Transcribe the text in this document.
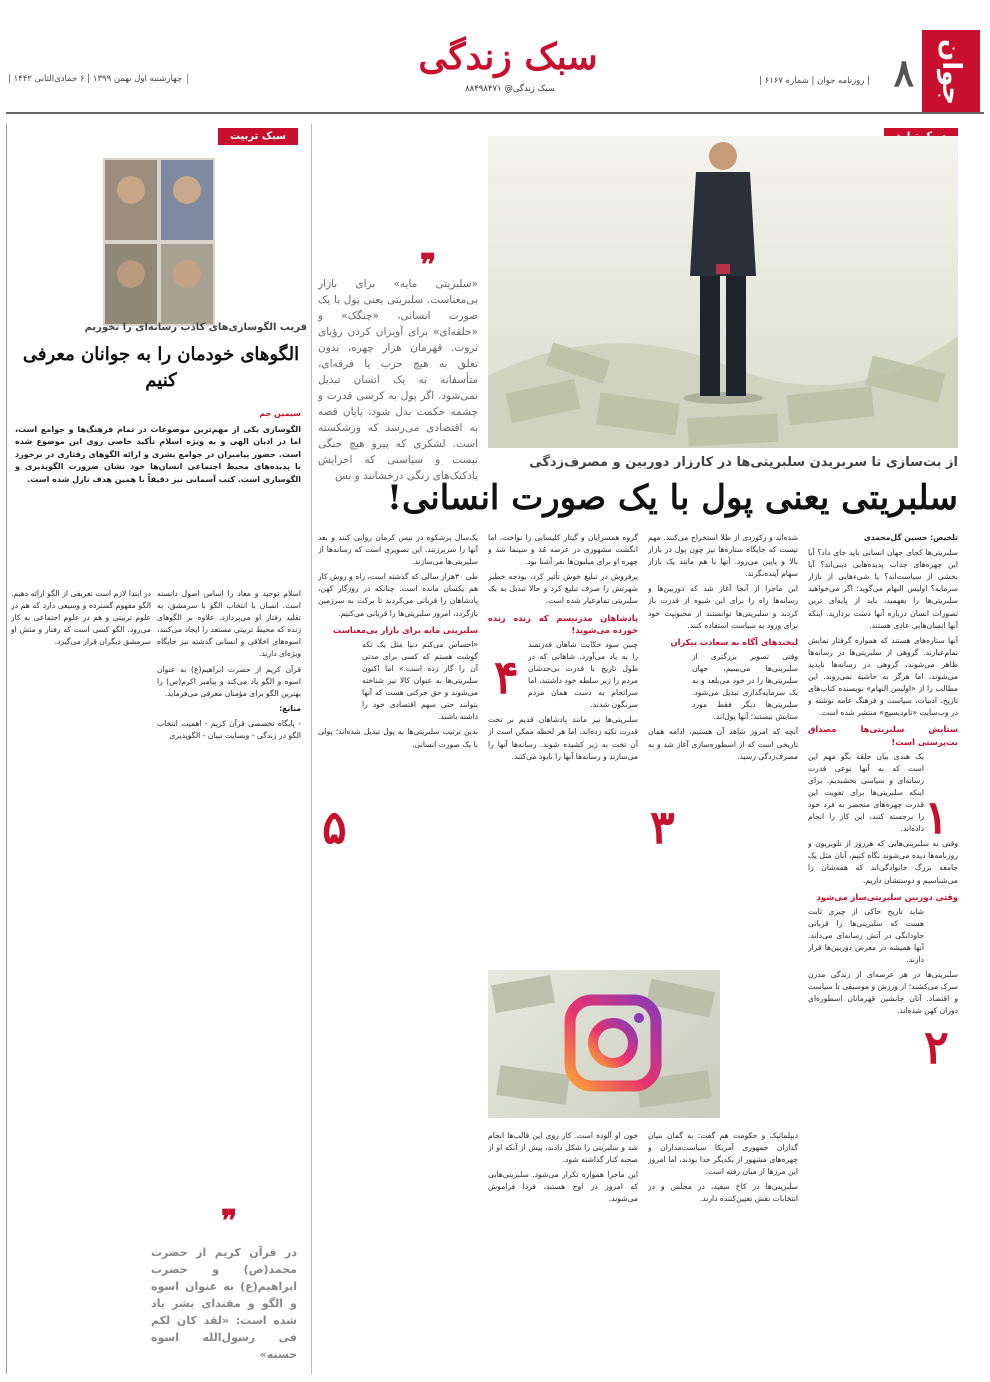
جوان
۸
| روزنامه جوان | شماره ۶۱۶۷ |
سبک زندگی
سبک زندگی@ ۸۸۴۹۸۴۷۱
چهارشنبه اول بهمن ۱۳۹۹ | ۶ جمادی‌الثانی ۱۴۴۲ |
❞
«سلبریتی مایه» برای بازار بی‌معناست. سلبریتی یعنی پول با یک صورت انسانی، «چنگک» و «حلقه‌ای» برای آویزان کردن رؤیای ثروت. قهرمان هزار چهره، بدون تعلق به هیچ حزب یا فرقه‌ای، متأسفانه به یک انسان تبدیل نمی‌شود. اگر پول به کرسی قدرت و چشمه حکمت بدل شود، پایان قصه به اقتصادی می‌رسد که ورشکسته است. لشکری که پیرو هیچ جنگی نیست و سیاستی که اجزایش بادکنک‌های رنگی درخشانند و بس
از بت‌سازی تا سربریدن سلبریتی‌ها در کارزار دوربین و مصرف‌زدگی
سلبریتی یعنی پول با یک صورت انسانی!

تلخیص: حسین گل‌محمدی

سلبریتی‌ها کجای جهان انسانی باید جای داد؟ آیا این چهره‌های جذاب پدیده‌هایی دینی‌اند؟ آیا بخشی از سیاست‌اند؟ یا شیء‌هایی از بازار سرمایه؟ اولیس النهام می‌گوید: اگر می‌خواهید سلبریتی‌ها را بفهمید، باید از پایه‌ای ترین تصورات انسان درباره آنها دست بردارید. اینکه آنها انسان‌هایی عادی هستند.

آنها ستاره‌های هستند که همواره گرفتار نمایش تمام‌عیارند. گروهی از سلبریتی‌ها در رسانه‌ها ظاهر می‌شوند، گروهی در رسانه‌ها ناپدید می‌شوند، اما هرگز به حاشیه نمی‌روند. این مطالب را از «اولیس النهام» نویسنده کتاب‌های تاریخ، ادبیات، سیاست و فرهنگ عامه نوشته و در وب‌سایت «تام‌دیسپچ» منتشر شده است.

ستایش سلبریتی‌ها مصداق بت‌پرستی است!

یک هندی بیان حلقه بگو مهم این است که به آنها نوعی قدرت رسانه‌ای و سیاسی بخشیدیم. برای اینکه سلبریتی‌ها برای تقویت این قدرت چهره‌های منحصر به فرد خود را برجسته کنند، این کار را انجام داده‌اند.

وقتی به سلبریتی‌هایی که هرروز از تلویزیون و روزنامه‌ها دیده می‌شوند نگاه کنیم، آنان مثل یک جامعه بزرگ خانوادگی‌اند که همه‌شان را می‌شناسیم و دوستشان داریم.

وقتی دوربین سلبریتی‌ساز می‌شود

شاید تاریخ حاکی از چیزی ثابت هست که سلبریتی‌ها را قربانی جاودانگی در آتش رسانه‌ای می‌داند. آنها همیشه در معرض دوربین‌ها قرار دارند.

سلبریتی‌ها در هر عرصه‌ای از زندگی مدرن سرک می‌کشند؛ از ورزش و موسیقی تا سیاست و اقتصاد. آنان جانشین قهرمانان اسطوره‌ای دوران کهن شده‌اند.

۱
۲

شده‌اند و رکوردی از طلا استخراج می‌کنند. مهم نیست که جایگاه ستاره‌ها نیز چون پول در بازار بالا و پایین می‌رود. آنها با هم مانند یک بازار سهام آینده‌نگرند.

این ماجرا از آنجا آغاز شد که دوربین‌ها و رسانه‌ها راه را برای این شیوه از قدرت باز کردند و سلبریتی‌ها توانستند از محبوبیت خود برای ورود به سیاست استفاده کنند.

لبخندهای آگاه به سعادت بیکران

وقتی تصویر بزرگتری از سلبریتی‌ها می‌بینیم، جهان سلبریتی‌ها را در خود می‌بلعد و به یک سرمایه‌گذاری تبدیل می‌شود. سلبریتی‌ها دیگر فقط مورد ستایش نیستند؛ آنها پول‌اند.

آنچه که امروز شاهد آن هستیم، ادامه همان تاریخی است که از اسطوره‌سازی آغاز شد و به مصرف‌زدگی رسید.

۳

گروه همسرایان و گیتار کلیسایی را نواخت، اما انگشت مشهوری در عرصه مُد و سینما شد و چهره او برای میلیون‌ها نفر آشنا بود.

پرفروش در تبلیغ خوش تأثیر کرد، بودجه خطیر شهرتش را صرف تبلیغ کرد و حالا تبدیل به یک سلبریتی تمام‌عیار شده است.

پادشاهان مدرنیسم که زنده زنده خورده می‌شوند!

چنین سود حکایت شاهان قدرتمند را به یاد می‌آورد. شاهانی که در طول تاریخ با قدرت بی‌حدشان مردم را زیر سلطه خود داشتند، اما سرانجام به دست همان مردم سرنگون شدند.

سلبریتی‌ها نیز مانند پادشاهان قدیم بر تخت قدرت تکیه زده‌اند، اما هر لحظه ممکن است از آن تخت به زیر کشیده شوند. رسانه‌ها آنها را می‌سازند و رسانه‌ها آنها را نابود می‌کنند.

۴

یک‌سال پر‌شکوه در نیس کرمان روایی کنند و بعد آنها را سربرزنند. این تصویری است که رسانه‌ها از سلبریتی‌ها می‌سازند.

طی ۳۰هزار سالی که گذشته است، راه و روش کار هم یکسان مانده است. چنانکه در روزگار کهن، پادشاهان را قربانی می‌کردند تا برکت به سرزمین بازگردد، امروز سلبریتی‌ها را قربانی می‌کنیم.

سلبریتی مایه برای بازار بی‌معناست

«احساس می‌کنم دنیا مثل یک تکه گوشت هستم که کسی برای مدتی آن را گاز زده است.» اما اکنون سلبریتی‌ها به عنوان کالا نیز شناخته می‌شوند و حق حرکتی هست که آنها بتوانند حتی سهم اقتصادی خود را داشته باشند.

بدین ترتیب سلبریتی‌ها به پول تبدیل شده‌اند؛ پولی با یک صورت انسانی.

۵

دیپلماتیک و حکومت هم گفت: به گمان بنیان گذاران جمهوری آمریکا سیاست‌مداران و چهره‌های مشهور از یکدیگر جدا بودند، اما امروز این مرزها از میان رفته است.

سلبریتی‌ها در کاخ سفید، در مجلس و در انتخابات نقش تعیین‌کننده دارند.

خون او آلوده است. کار روی این قالب‌ها انجام شد و سلبریتی را شکل دادند، پیش از آنکه او از صحنه کنار گذاشته شود.

این ماجرا همواره تکرار می‌شود. سلبریتی‌هایی که امروز در اوج هستند، فردا فراموش می‌شوند.

سبک تربیت
فریب الگوسازی‌های کاذب رسانه‌ای را نخوریم
الگوهای خودمان را به جوانان معرفی کنیم

سیمین جم

الگوسازی یکی از مهم‌ترین موضوعات در تمام فرهنگ‌ها و جوامع است، اما در ادیان الهی و به ویژه اسلام تأکید خاصی روی این موضوع شده است. حضور پیامبران در جوامع بشری و ارائه الگوهای رفتاری در برخورد با پدیده‌های محیط اجتماعی انسان‌ها خود نشان ضرورت الگوپذیری و الگوسازی است. کتب آسمانی نیز دقیقاً با همین هدف نازل شده است.

اسلام توحید و معاد را اساس اصول دانسته است. انسان با انتخاب الگو با سرمشق، به تقلید رفتار او می‌پردازد. علاوه بر الگوهای زنده که محیط تربیتی مستعد را ایجاد می‌کنند، اسوه‌های اخلاقی و انسانی گذشته نیز جایگاه ویژه‌ای دارند.

قرآن کریم از حضرت ابراهیم(ع) به عنوان اسوه و الگو یاد می‌کند و پیامبر اکرم(ص) را بهترین الگو برای مؤمنان معرفی می‌فرماید.

منابع:

- پایگاه تخصصی قرآن کریم - اهمیت انتخاب الگو در زندگی - وبسایت تبیان - الگوپذیری

در ابتدا لازم است تعریفی از الگو ارائه دهیم. الگو مفهوم گسترده و وسیعی دارد که هم در علوم تربیتی و هم در علوم اجتماعی به کار می‌رود. الگو کسی است که رفتار و منش او سرمشق دیگران قرار می‌گیرد.

❞
در قرآن کریم از حضرت محمد(ص) و حضرت ابراهیم(ع) به عنوان اسوه و الگو و مقتدای بشر یاد شده است: «لقد کان لکم فی رسول‌الله اسوه حسنه»
